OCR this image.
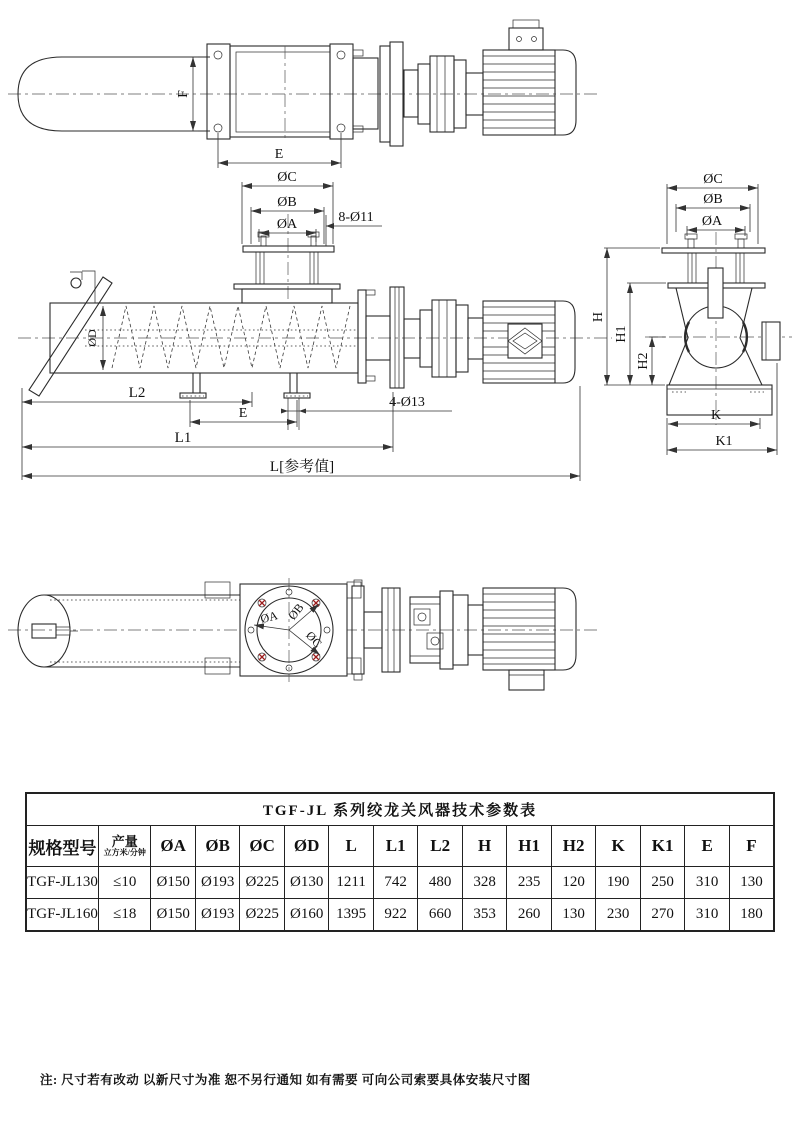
F
E
ØC
ØB
ØA	8-Ø11
ØD
L2
E
4-Ø13
L1
L[参考值]
ØC
ØB
ØA
H
H1
H2
K
K1
ØA ØB
ØC
TGF-JL 系列绞龙关风器技术参数表															
规格型号	产量
立方米/分钟	ØA	ØB	ØC	ØD	L	L1	L2	H	H1	H2	K	K1	E	F
TGF-JL130	≤10	Ø150	Ø193	Ø225	Ø130	1211	742	480	328	235	120	190	250	310	130
TGF-JL160	≤18	Ø150	Ø193	Ø225	Ø160	1395	922	660	353	260	130	230	270	310	180
注: 尺寸若有改动 以新尺寸为准 恕不另行通知 如有需要 可向公司索要具体安装尺寸图
